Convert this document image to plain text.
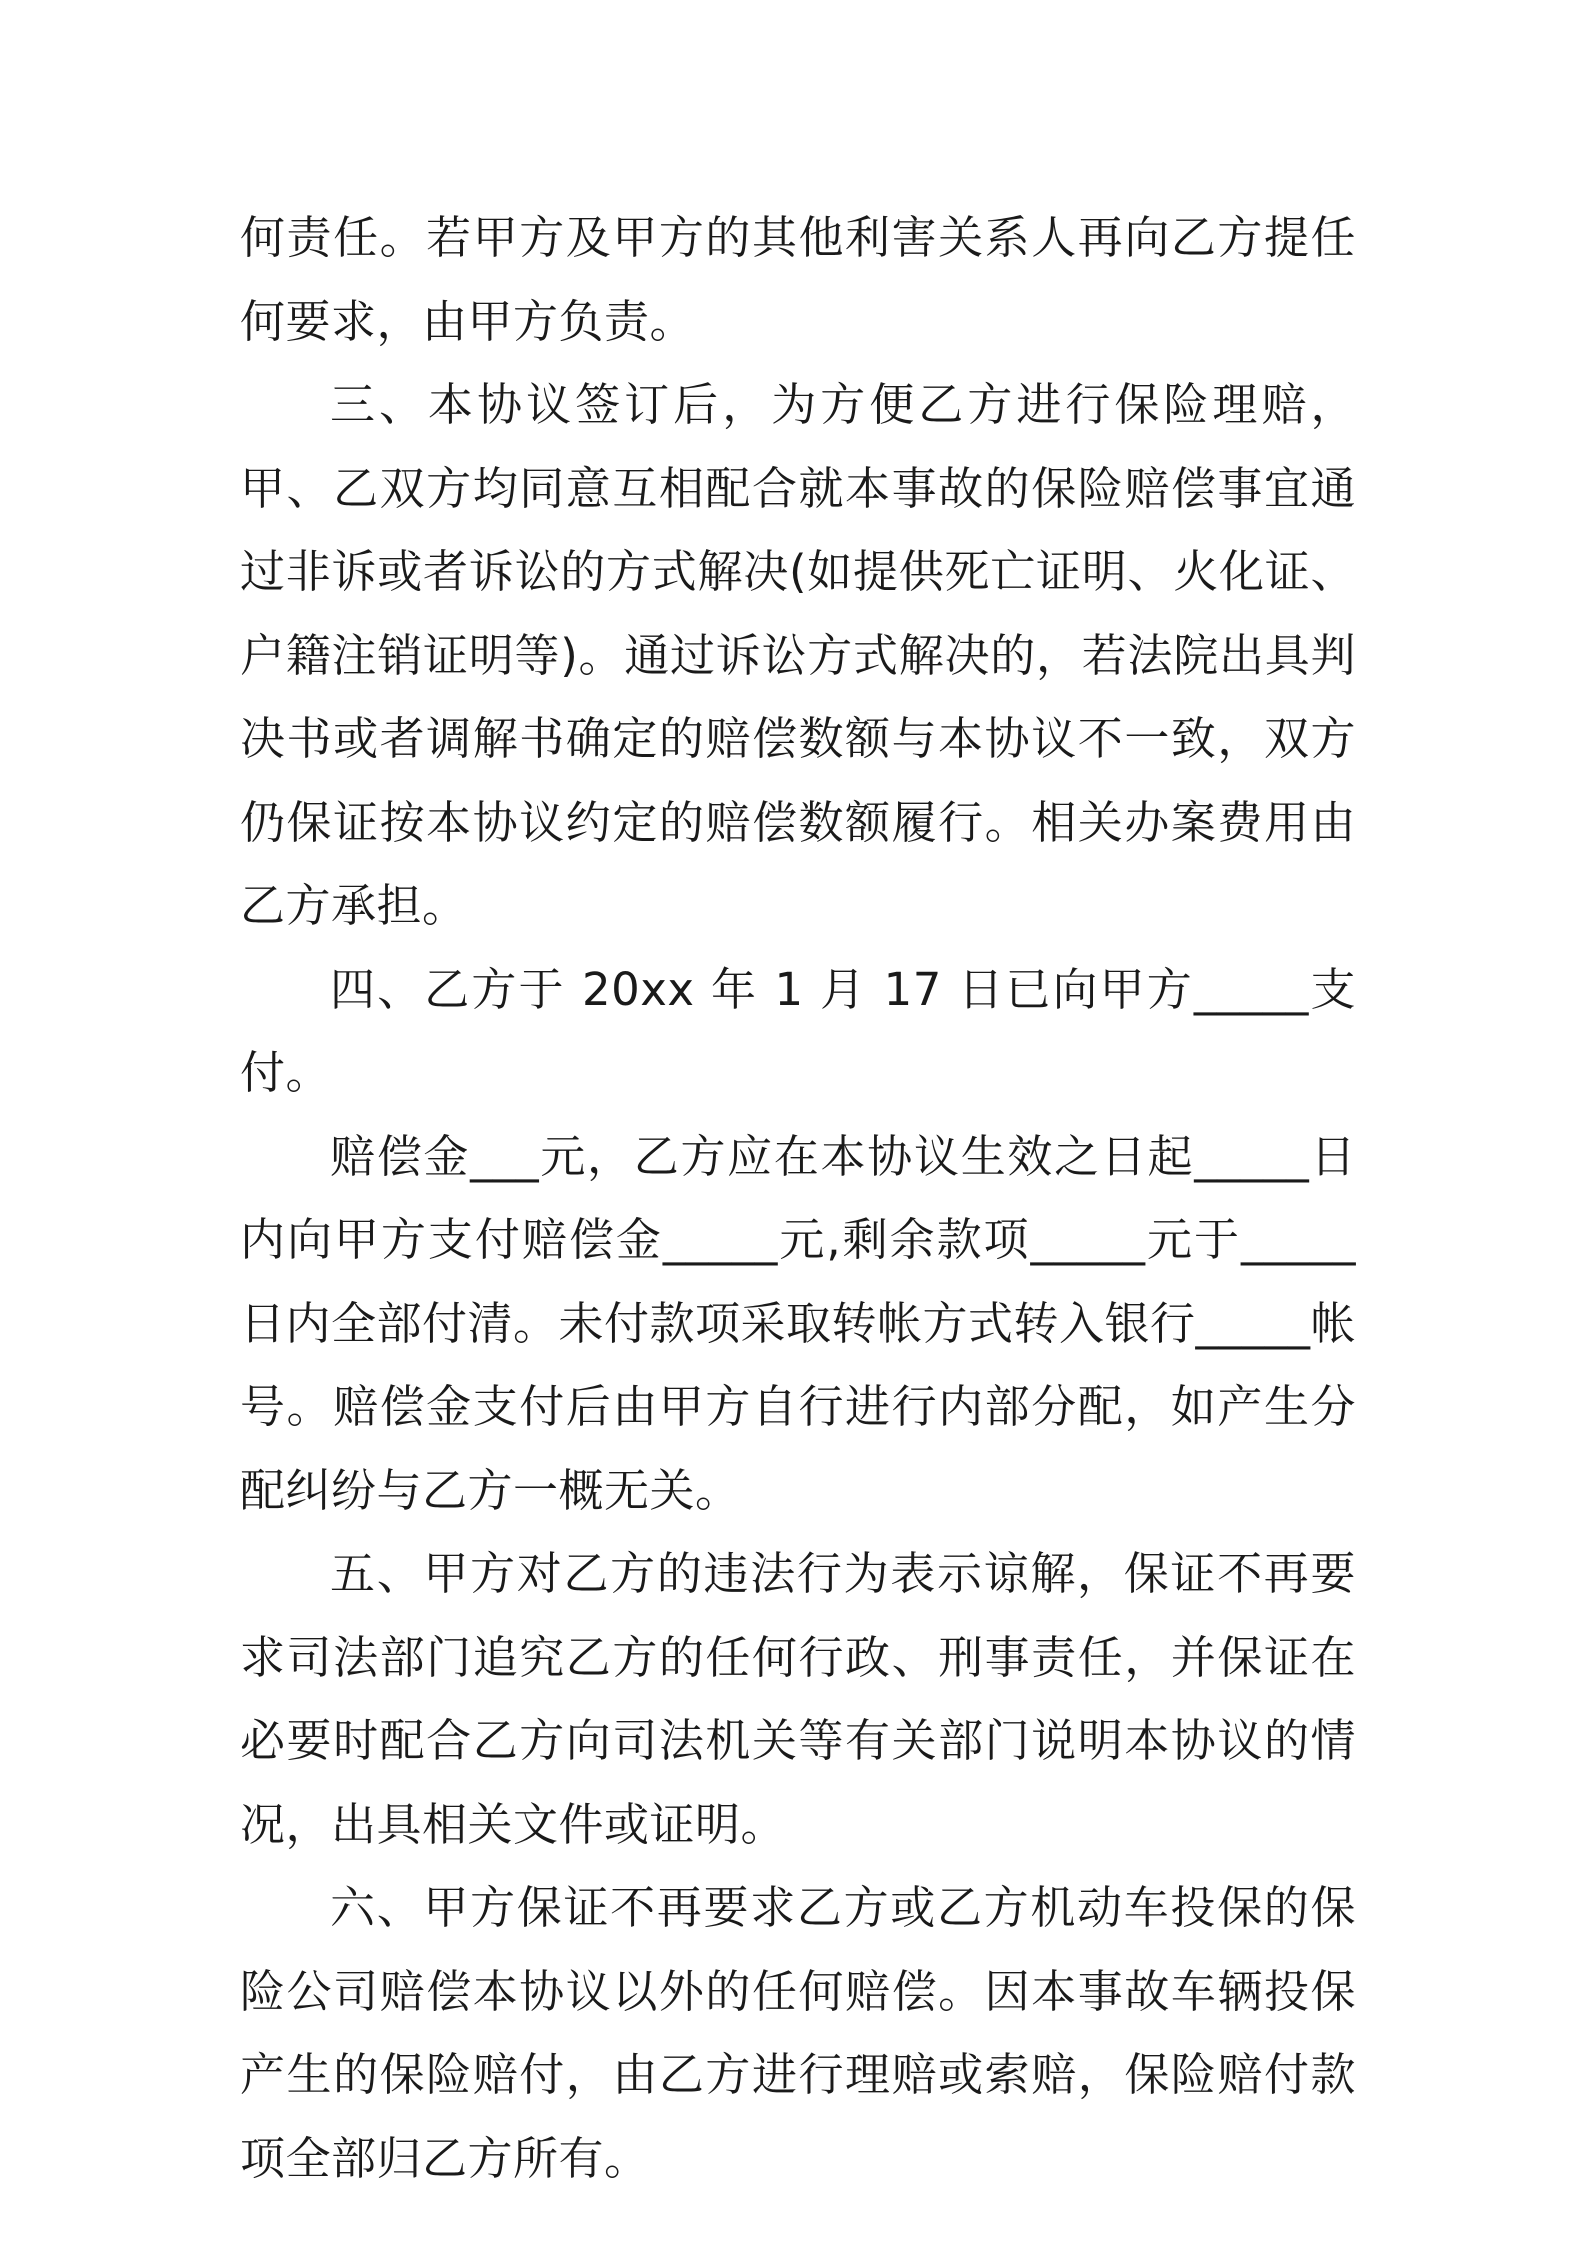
何责任。若甲方及甲方的其他利害关系人再向乙方提任何要求，由甲方负责。

三、本协议签订后，为方便乙方进行保险理赔，甲、乙双方均同意互相配合就本事故的保险赔偿事宜通过非诉或者诉讼的方式解决(如提供死亡证明、火化证、户籍注销证明等)。通过诉讼方式解决的，若法院出具判决书或者调解书确定的赔偿数额与本协议不一致，双方仍保证按本协议约定的赔偿数额履行。相关办案费用由乙方承担。

四、乙方于 20xx 年 1 月 17 日已向甲方_____支付。

赔偿金___元，乙方应在本协议生效之日起_____日内向甲方支付赔偿金_____元,剩余款项_____元于_____日内全部付清。未付款项采取转帐方式转入银行_____帐号。赔偿金支付后由甲方自行进行内部分配，如产生分配纠纷与乙方一概无关。

五、甲方对乙方的违法行为表示谅解，保证不再要求司法部门追究乙方的任何行政、刑事责任，并保证在必要时配合乙方向司法机关等有关部门说明本协议的情况，出具相关文件或证明。

六、甲方保证不再要求乙方或乙方机动车投保的保险公司赔偿本协议以外的任何赔偿。因本事故车辆投保产生的保险赔付，由乙方进行理赔或索赔，保险赔付款项全部归乙方所有。
